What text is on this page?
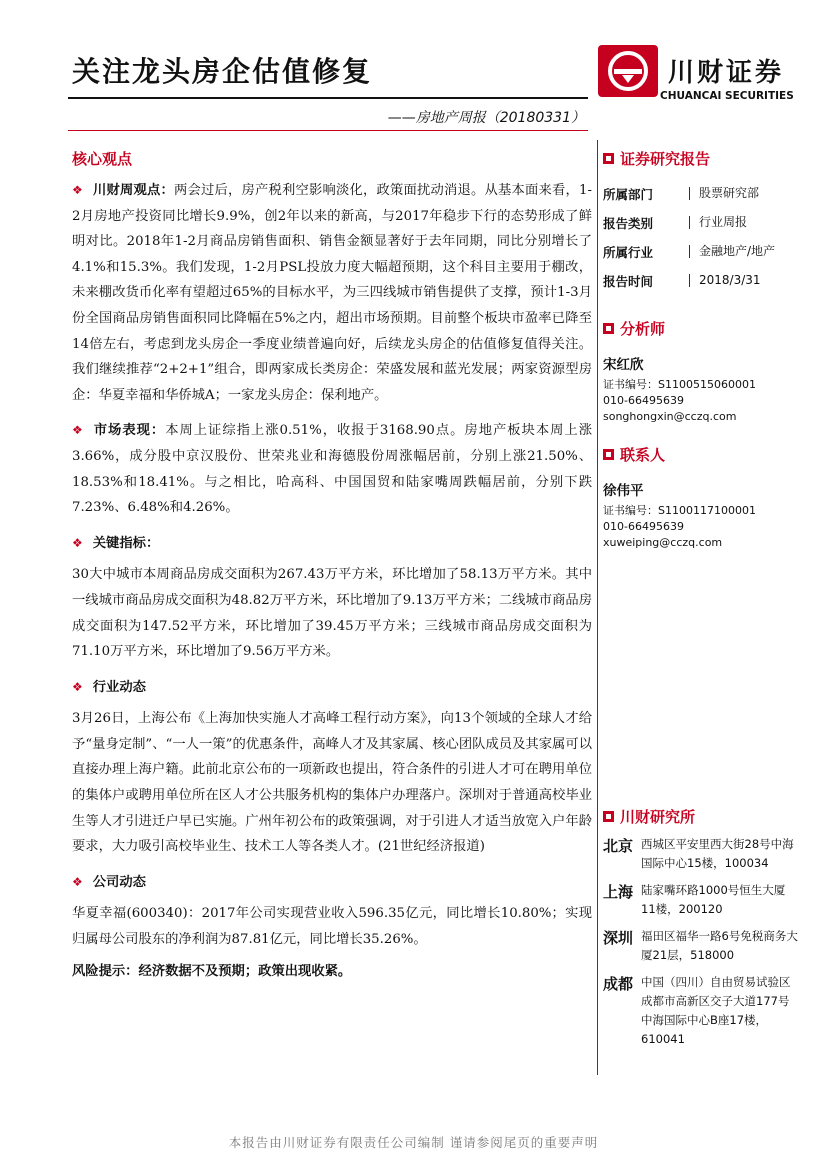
关注龙头房企估值修复
——房地产周报（20180331）
川财证券
CHUANCAI SECURITIES
核心观点

❖ 川财周观点：两会过后，房产税利空影响淡化，政策面扰动消退。从基本面来看，1-2月房地产投资同比增长9.9%，创2年以来的新高，与2017年稳步下行的态势形成了鲜明对比。2018年1-2月商品房销售面积、销售金额显著好于去年同期，同比分别增长了4.1%和15.3%。我们发现，1-2月PSL投放力度大幅超预期，这个科目主要用于棚改，未来棚改货币化率有望超过65%的目标水平，为三四线城市销售提供了支撑，预计1-3月份全国商品房销售面积同比降幅在5%之内，超出市场预期。目前整个板块市盈率已降至14倍左右，考虑到龙头房企一季度业绩普遍向好，后续龙头房企的估值修复值得关注。我们继续推荐“2+2+1”组合，即两家成长类房企：荣盛发展和蓝光发展；两家资源型房企：华夏幸福和华侨城A；一家龙头房企：保利地产。

❖ 市场表现：本周上证综指上涨0.51%，收报于3168.90点。房地产板块本周上涨3.66%，成分股中京汉股份、世荣兆业和海德股份周涨幅居前，分别上涨21.50%、18.53%和18.41%。与之相比，哈高科、中国国贸和陆家嘴周跌幅居前，分别下跌7.23%、6.48%和4.26%。

❖ 关键指标：

30大中城市本周商品房成交面积为267.43万平方米，环比增加了58.13万平方米。其中一线城市商品房成交面积为48.82万平方米，环比增加了9.13万平方米；二线城市商品房成交面积为147.52平方米，环比增加了39.45万平方米；三线城市商品房成交面积为71.10万平方米，环比增加了9.56万平方米。

❖ 行业动态

3月26日，上海公布《上海加快实施人才高峰工程行动方案》，向13个领域的全球人才给予“量身定制”、“一人一策”的优惠条件，高峰人才及其家属、核心团队成员及其家属可以直接办理上海户籍。此前北京公布的一项新政也提出，符合条件的引进人才可在聘用单位的集体户或聘用单位所在区人才公共服务机构的集体户办理落户。深圳对于普通高校毕业生等人才引进迁户早已实施。广州年初公布的政策强调，对于引进人才适当放宽入户年龄要求，大力吸引高校毕业生、技术工人等各类人才。(21世纪经济报道)

❖ 公司动态

华夏幸福(600340)：2017年公司实现营业收入596.35亿元，同比增长10.80%；实现归属母公司股东的净利润为87.81亿元，同比增长35.26%。

风险提示：经济数据不及预期；政策出现收紧。

证券研究报告
所属部门	股票研究部
报告类别	行业周报
所属行业	金融地产/地产
报告时间	2018/3/31
分析师
宋红欣
证书编号：S1100515060001
010-66495639
songhongxin@cczq.com
联系人
徐伟平
证书编号：S1100117100001
010-66495639
xuweiping@cczq.com
川财研究所
北京 西城区平安里西大街28号中海国际中心15楼，100034
上海 陆家嘴环路1000号恒生大厦11楼，200120
深圳 福田区福华一路6号免税商务大厦21层，518000
成都 中国（四川）自由贸易试验区成都市高新区交子大道177号中海国际中心B座17楼，610041
本报告由川财证券有限责任公司编制 谨请参阅尾页的重要声明
